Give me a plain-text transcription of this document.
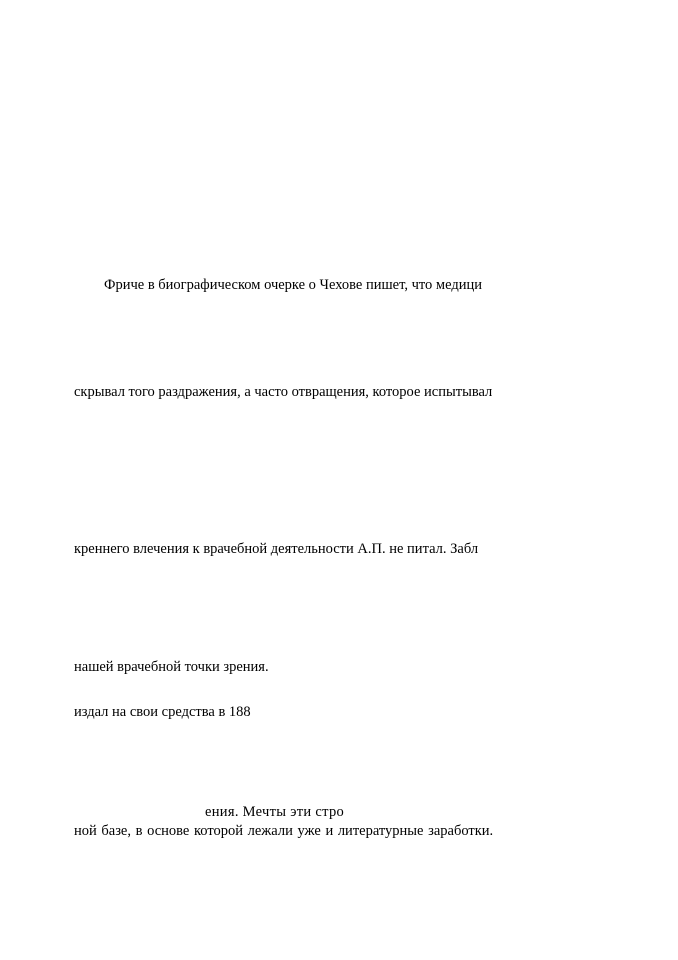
Фриче в биографическом очерке о Чехове пишет, что медици
скрывал того раздражения, а часто отвращения, которое испытывал
креннего влечения к врачебной деятельности А.П. не питал. Забл
нашей врачебной точки зрения.
издал на свои средства в 188
ения. Мечты эти стро
ной базе, в основе которой лежали уже и литературные заработки.
